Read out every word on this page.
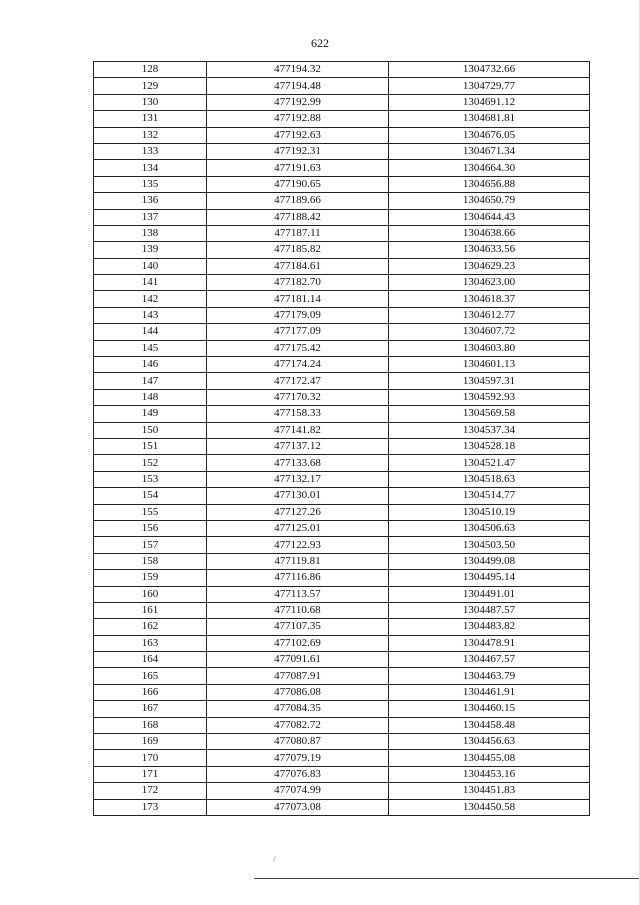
622
128	477194.32	1304732.66
129	477194.48	1304729.77
130	477192.99	1304691.12
131	477192.88	1304681.81
132	477192.63	1304676.05
133	477192.31	1304671.34
134	477191.63	1304664.30
135	477190.65	1304656.88
136	477189.66	1304650.79
137	477188.42	1304644.43
138	477187.11	1304638.66
139	477185.82	1304633.56
140	477184.61	1304629.23
141	477182.70	1304623.00
142	477181.14	1304618.37
143	477179.09	1304612.77
144	477177.09	1304607.72
145	477175.42	1304603.80
146	477174.24	1304601.13
147	477172.47	1304597.31
148	477170.32	1304592.93
149	477158.33	1304569.58
150	477141.82	1304537.34
151	477137.12	1304528.18
152	477133.68	1304521.47
153	477132.17	1304518.63
154	477130.01	1304514.77
155	477127.26	1304510.19
156	477125.01	1304506.63
157	477122.93	1304503.50
158	477119.81	1304499.08
159	477116.86	1304495.14
160	477113.57	1304491.01
161	477110.68	1304487.57
162	477107.35	1304483.82
163	477102.69	1304478.91
164	477091.61	1304467.57
165	477087.91	1304463.79
166	477086.08	1304461.91
167	477084.35	1304460.15
168	477082.72	1304458.48
169	477080.87	1304456.63
170	477079.19	1304455.08
171	477076.83	1304453.16
172	477074.99	1304451.83
173	477073.08	1304450.58
